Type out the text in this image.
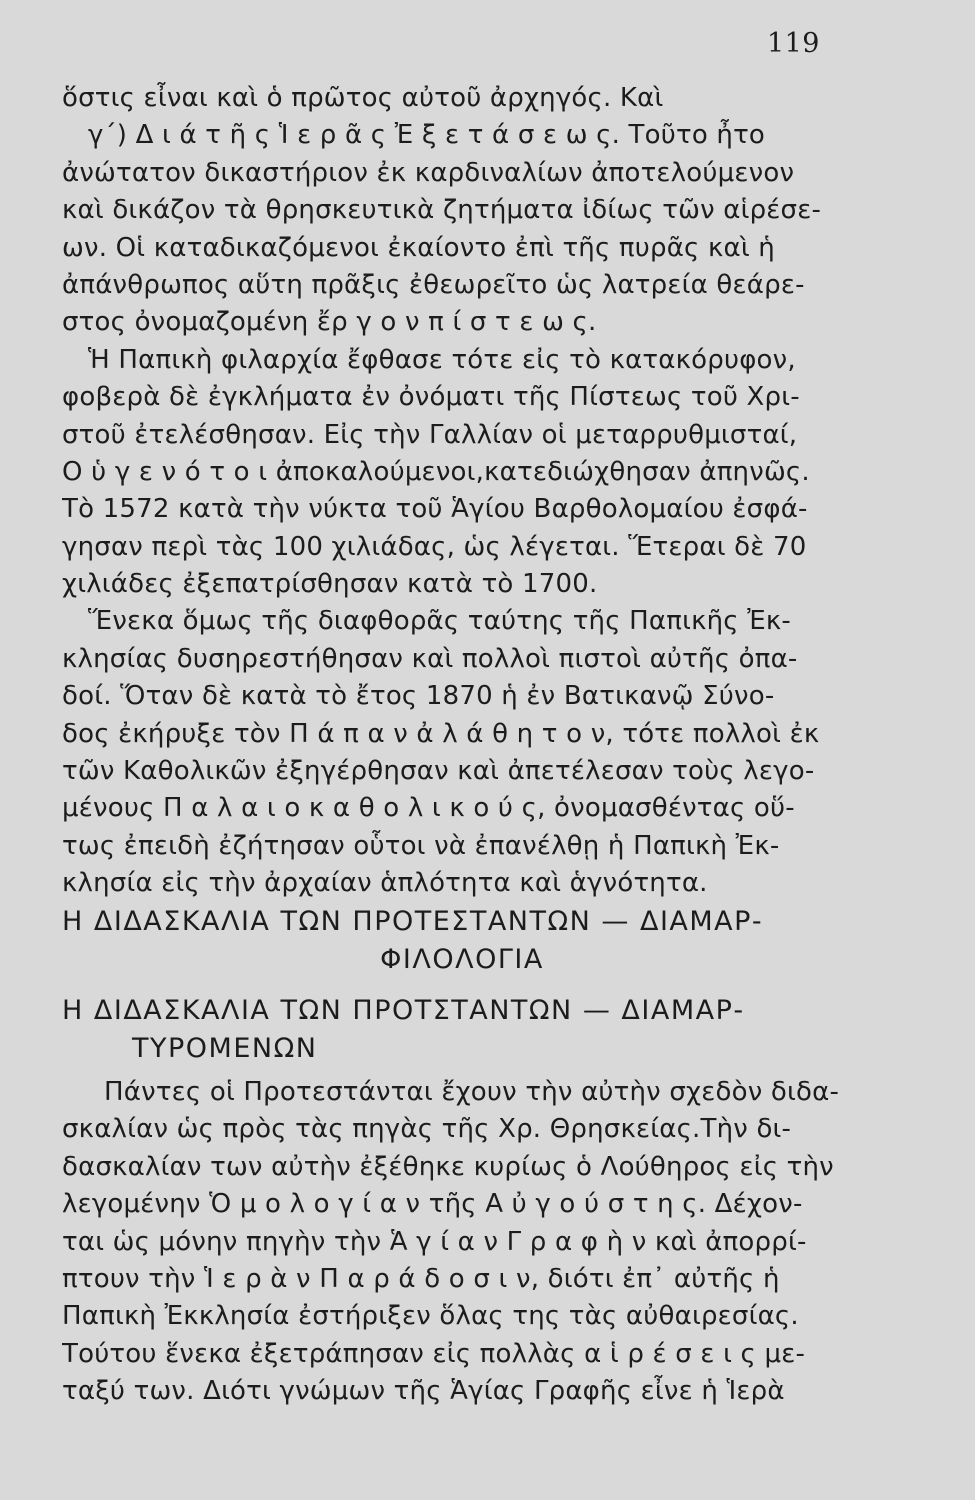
119
ὅστις εἶναι καὶ ὁ πρῶτος αὐτοῦ ἀρχηγός. Καὶ
γ΄) Δ ι ά τ ῆ ς Ἱ ε ρ ᾶ ς Ἐ ξ ε τ ά σ ε ω ς. Τοῦτο ἦτο
ἀνώτατον δικαστήριον ἐκ καρδιναλίων ἀποτελούμενον
καὶ δικάζον τὰ θρησκευτικὰ ζητήματα ἰδίως τῶν αἱρέσε-
ων. Οἱ καταδικαζόμενοι ἐκαίοντο ἐπὶ τῆς πυρᾶς καὶ ἡ
ἀπάνθρωπος αὕτη πρᾶξις ἐθεωρεῖτο ὡς λατρεία θεάρε-
στος ὀνομαζομένη ἔρ γ ο ν π ί σ τ ε ω ς.
Ἡ Παπικὴ φιλαρχία ἔφθασε τότε εἰς τὸ κατακόρυφον,
φοβερὰ δὲ ἐγκλήματα ἐν ὀνόματι τῆς Πίστεως τοῦ Χρι-
στοῦ ἐτελέσθησαν. Εἰς τὴν Γαλλίαν οἱ μεταρρυθμισταί,
Ο ὑ γ ε ν ό τ ο ι ἀποκαλούμενοι,κατεδιώχθησαν ἀπηνῶς.
Τὸ 1572 κατὰ τὴν νύκτα τοῦ Ἁγίου Βαρθολομαίου ἐσφά-
γησαν περὶ τὰς 100 χιλιάδας, ὡς λέγεται. Ἕτεραι δὲ 70
χιλιάδες ἐξεπατρίσθησαν κατὰ τὸ 1700.
Ἕνεκα ὅμως τῆς διαφθορᾶς ταύτης τῆς Παπικῆς Ἐκ-
κλησίας δυσηρεστήθησαν καὶ πολλοὶ πιστοὶ αὐτῆς ὀπα-
δοί. Ὅταν δὲ κατὰ τὸ ἔτος 1870 ἡ ἐν Βατικανῷ Σύνο-
δος ἐκήρυξε τὸν Π ά π α ν ἀ λ ά θ η τ ο ν, τότε πολλοὶ ἐκ
τῶν Καθολικῶν ἐξηγέρθησαν καὶ ἀπετέλεσαν τοὺς λεγο-
μένους Π α λ α ι ο κ α θ ο λ ι κ ο ύ ς, ὀνομασθέντας οὕ-
τως ἐπειδὴ ἐζήτησαν οὗτοι νὰ ἐπανέλθῃ ἡ Παπικὴ Ἐκ-
κλησία εἰς τὴν ἀρχαίαν ἁπλότητα καὶ ἁγνότητα.
Η ΔΙΔΑΣΚΑΛΙΑ ΤΩΝ ΠΡΟΤΕΣΤΑΝΤΩΝ — ΔΙΑΜΑΡ-
ΦΙΛΟΛΟΓΙΑ
Η ΔΙΔΑΣΚΑΛΙΑ ΤΩΝ ΠΡΟΤΣΤΑΝΤΩΝ — ΔΙΑΜΑΡ-
ΤΥΡΟΜΕΝΩΝ
Πάντες οἱ Προτεστάνται ἔχουν τὴν αὐτὴν σχεδὸν διδα-
σκαλίαν ὡς πρὸς τὰς πηγὰς τῆς Χρ. Θρησκείας.Τὴν δι-
δασκαλίαν των αὐτὴν ἐξέθηκε κυρίως ὁ Λούθηρος εἰς τὴν
λεγομένην Ὁ μ ο λ ο γ ί α ν τῆς Α ὐ γ ο ύ σ τ η ς. Δέχον-
ται ὡς μόνην πηγὴν τὴν Ἁ γ ί α ν Γ ρ α φ ὴ ν καὶ ἀπορρί-
πτουν τὴν Ἱ ε ρ ὰ ν Π α ρ ά δ ο σ ι ν, διότι ἐπ᾽ αὐτῆς ἡ
Παπικὴ Ἐκκλησία ἐστήριξεν ὅλας της τὰς αὐθαιρεσίας.
Τούτου ἕνεκα ἐξετράπησαν εἰς πολλὰς α ἱ ρ έ σ ε ι ς με-
ταξύ των. Διότι γνώμων τῆς Ἁγίας Γραφῆς εἶνε ἡ Ἱερὰ
